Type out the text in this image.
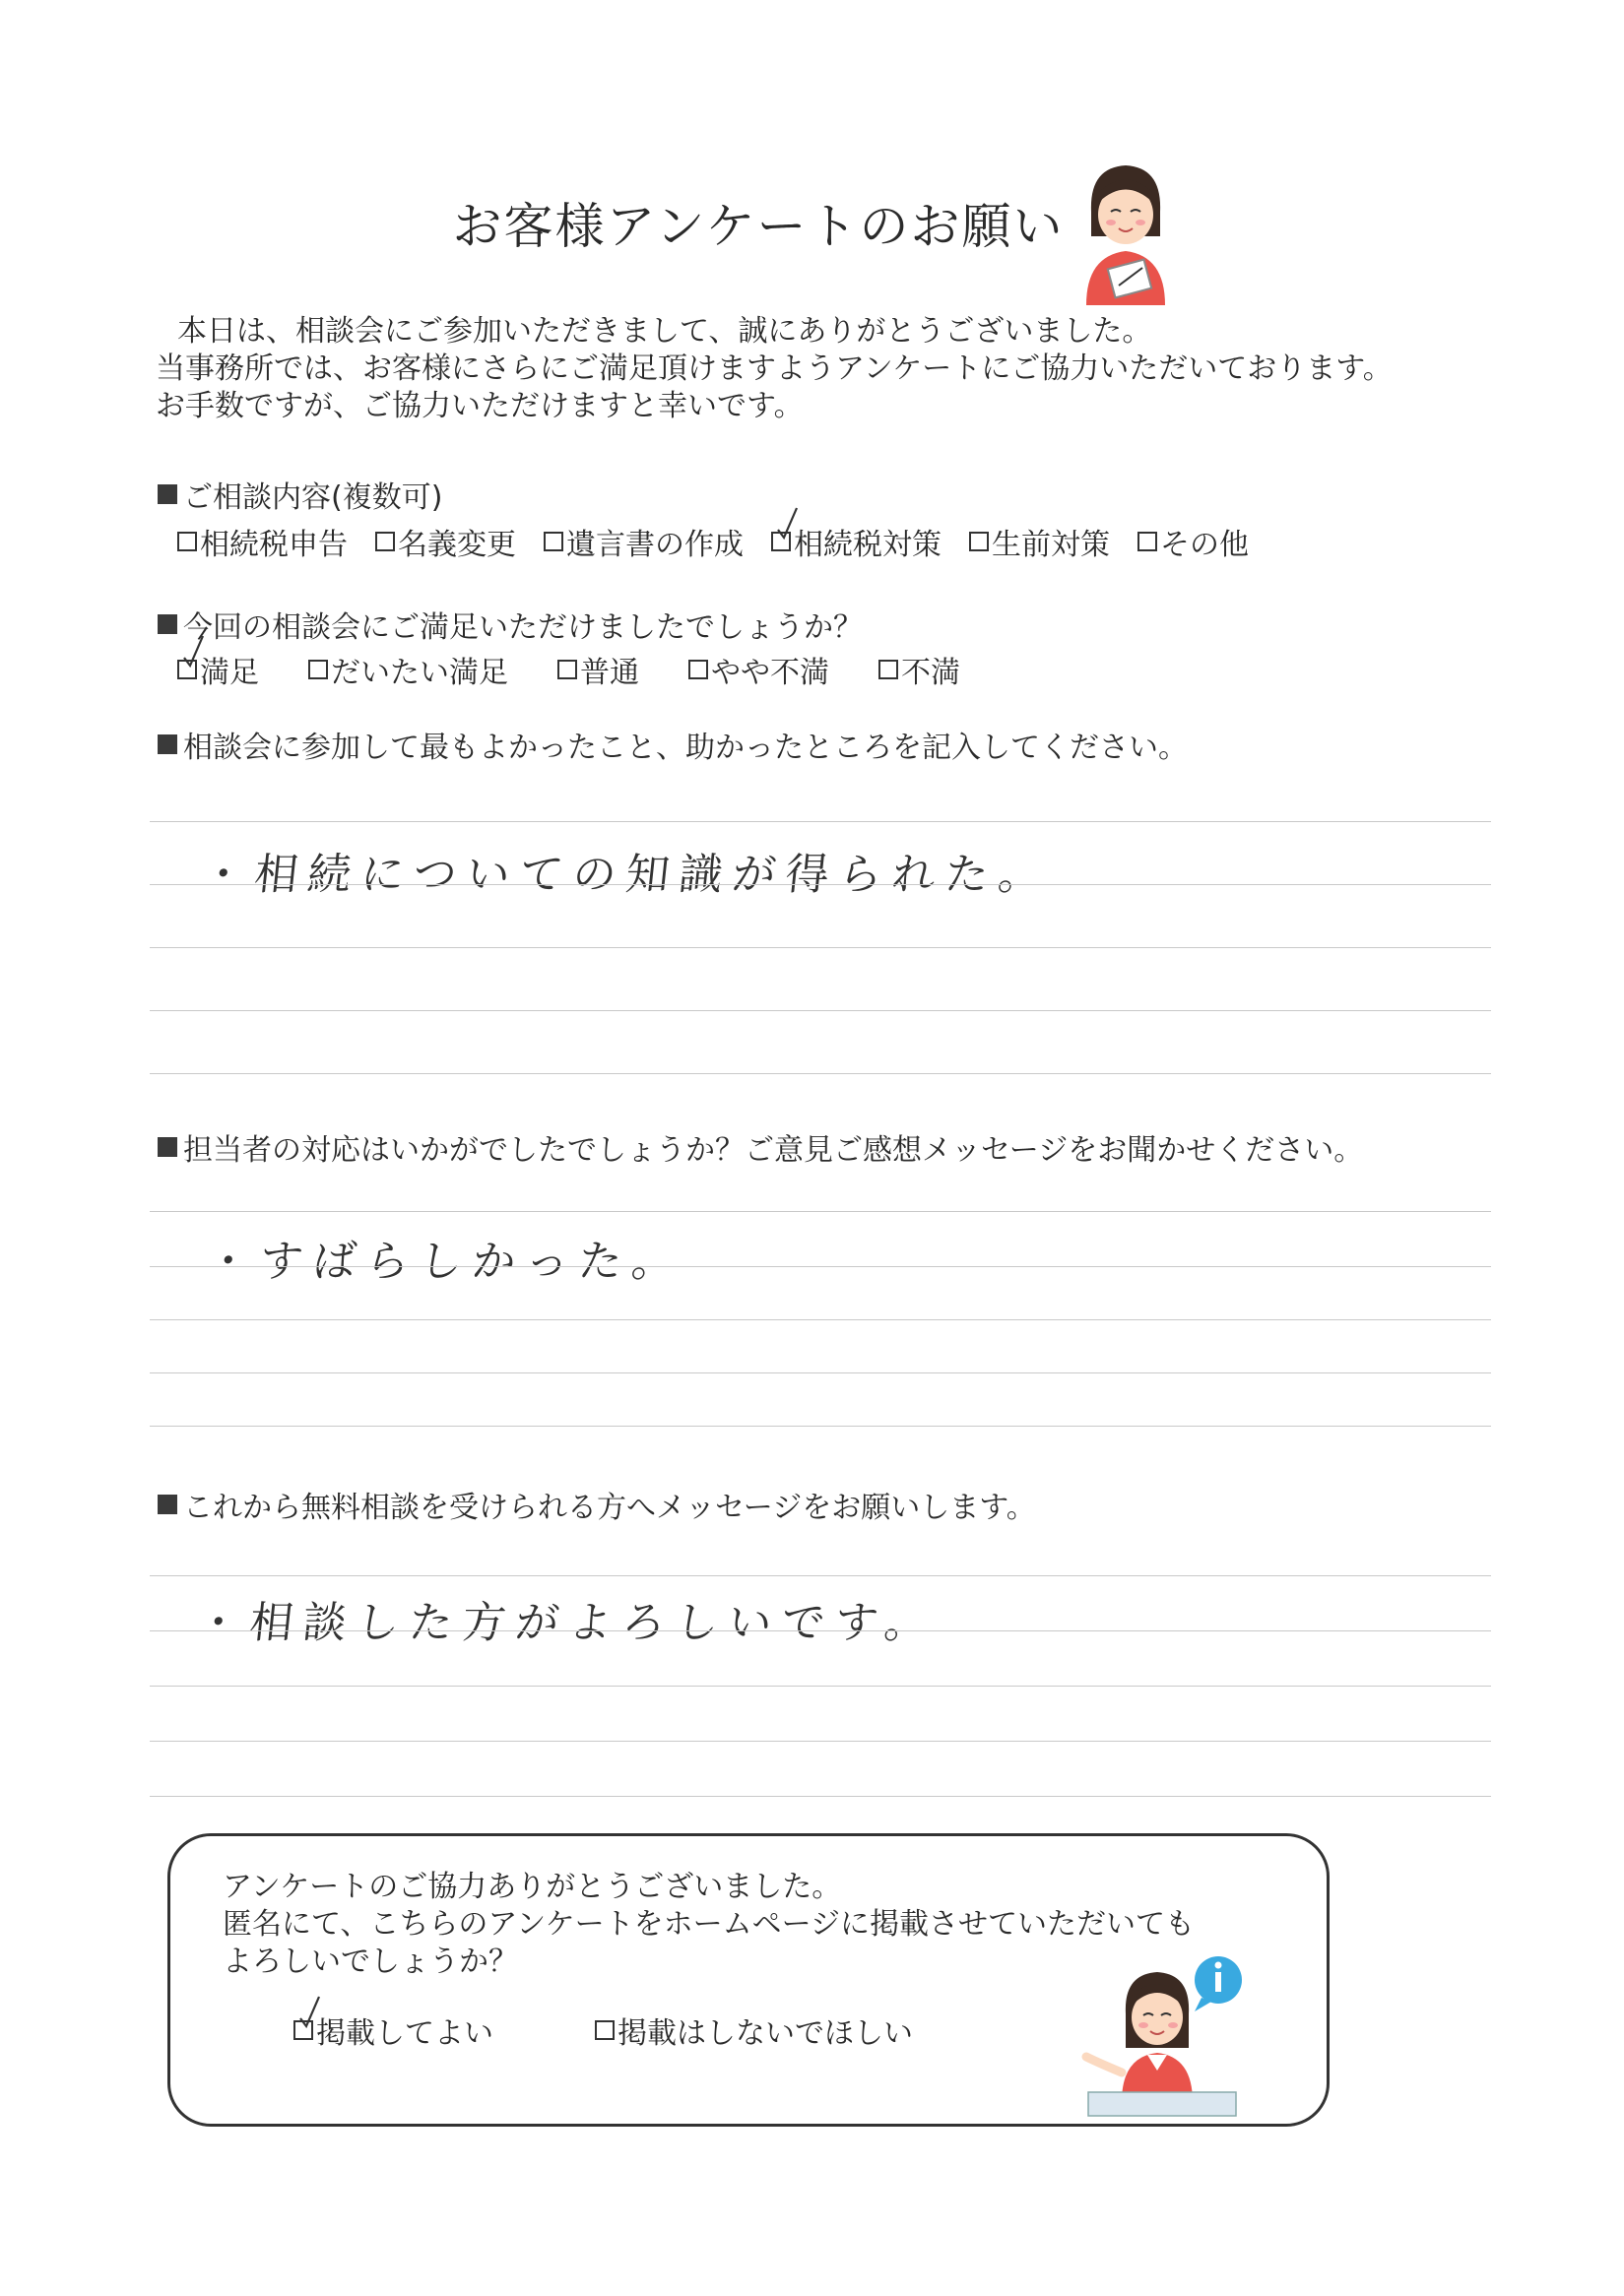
お客様アンケートのお願い
本日は、相談会にご参加いただきまして、誠にありがとうございました。
当事務所では、お客様にさらにご満足頂けますようアンケートにご協力いただいております。
お手数ですが、ご協力いただけますと幸いです。
ご相談内容(複数可)
相続税申告 名義変更 遺言書の作成 相続税対策 生前対策 その他
今回の相談会にご満足いただけましたでしょうか？
満足 だいたい満足 普通 やや不満 不満
相談会に参加して最もよかったこと、助かったところを記入してください。
・相続についての知識が得られた。
担当者の対応はいかがでしたでしょうか？ご意見ご感想メッセージをお聞かせください。
・すばらしかった。
これから無料相談を受けられる方へメッセージをお願いします。
・相談した方がよろしいです。
アンケートのご協力ありがとうございました。
匿名にて、こちらのアンケートをホームページに掲載させていただいても
よろしいでしょうか？
掲載してよい	掲載はしないでほしい
